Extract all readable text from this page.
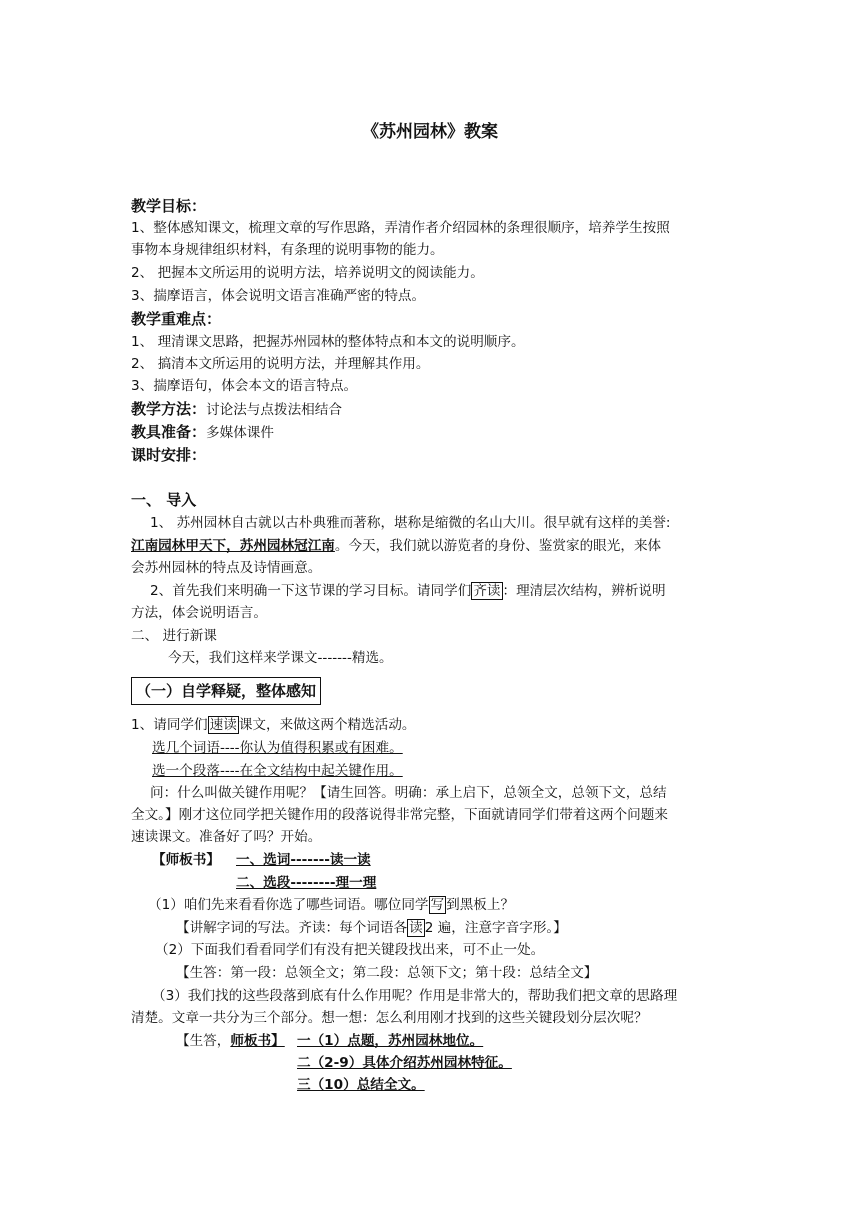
《苏州园林》教案
教学目标：
1、整体感知课文，梳理文章的写作思路，弄清作者介绍园林的条理很顺序，培养学生按照
事物本身规律组织材料，有条理的说明事物的能力。
2、 把握本文所运用的说明方法，培养说明文的阅读能力。
3、揣摩语言，体会说明文语言准确严密的特点。
教学重难点：
1、 理清课文思路，把握苏州园林的整体特点和本文的说明顺序。
2、 搞清本文所运用的说明方法，并理解其作用。
3、揣摩语句，体会本文的语言特点。
教学方法：讨论法与点拨法相结合
教具准备：多媒体课件
课时安排：
一、 导入
1、 苏州园林自古就以古朴典雅而著称，堪称是缩微的名山大川。很早就有这样的美誉:
江南园林甲天下，苏州园林冠江南。今天，我们就以游览者的身份、鉴赏家的眼光，来体
会苏州园林的特点及诗情画意。
2、首先我们来明确一下这节课的学习目标。请同学们 齐读 ：理清层次结构，辨析说明
方法，体会说明语言。
二、 进行新课
今天，我们这样来学课文-------精选。
（一）自学释疑，整体感知
1、请同学们 速读 课文，来做这两个精选活动。
选几个词语----你认为值得积累或有困难。
选一个段落----在全文结构中起关键作用。
问：什么叫做关键作用呢？【请生回答。明确：承上启下，总领全文，总领下文，总结
全文。】刚才这位同学把关键作用的段落说得非常完整，下面就请同学们带着这两个问题来
速读课文。准备好了吗？开始。
【师板书】 一、选词-------读一读
二、选段--------理一理
（1）咱们先来看看你选了哪些词语。哪位同学 写 到黑板上？
【讲解字词的写法。齐读：每个词语各 读 2 遍，注意字音字形。】
（2）下面我们看看同学们有没有把关键段找出来，可不止一处。
【生答：第一段：总领全文；第二段：总领下文；第十段：总结全文】
（3）我们找的这些段落到底有什么作用呢？作用是非常大的，帮助我们把文章的思路理
清楚。文章一共分为三个部分。想一想：怎么利用刚才找到的这些关键段划分层次呢？
【生答，师板书】 一（1）点题，苏州园林地位。
二（2-9）具体介绍苏州园林特征。
三（10）总结全文。
